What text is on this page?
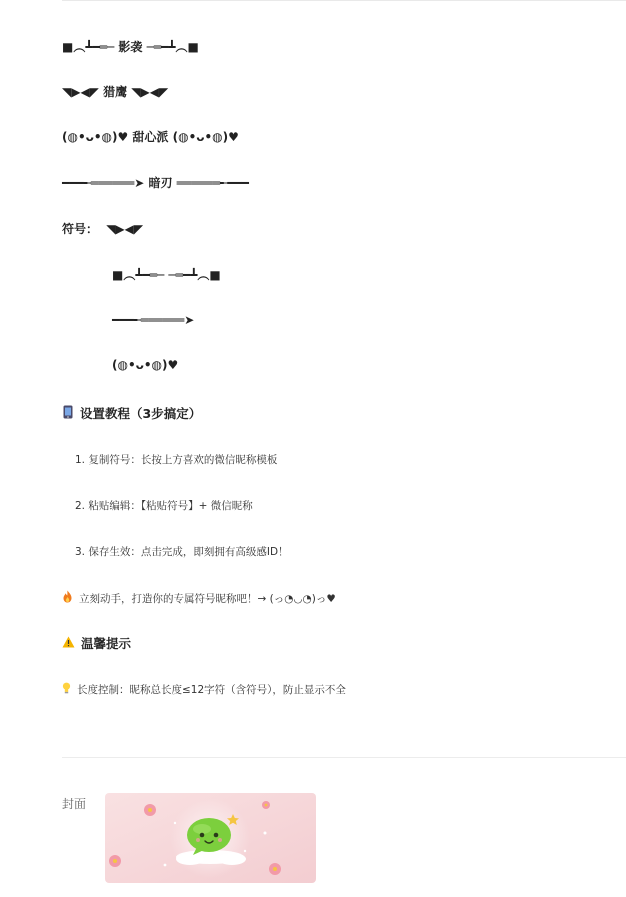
■︵┻━═─ 影袭 ─═━┻︵■
◥▶◀◤ 猎鹰 ◥▶◀◤
(◍•ᴗ•◍)♥ 甜心派 (◍•ᴗ•◍)♥
━━━╾══════➤ 暗刃 ══════╾━━━
符号： ◥▶◀◤
■︵┻━═─ ─═━┻︵■
━━━╾══════➤
(◍•ᴗ•◍)♥
设置教程（3步搞定）
1. 复制符号：长按上方喜欢的微信昵称模板
2. 粘贴编辑：【粘贴符号】+ 微信昵称
3. 保存生效：点击完成，即刻拥有高级感ID！
立刻动手，打造你的专属符号昵称吧！→ (っ◔◡◔)っ♥
温馨提示
长度控制：昵称总长度≤12字符（含符号），防止显示不全
封面
